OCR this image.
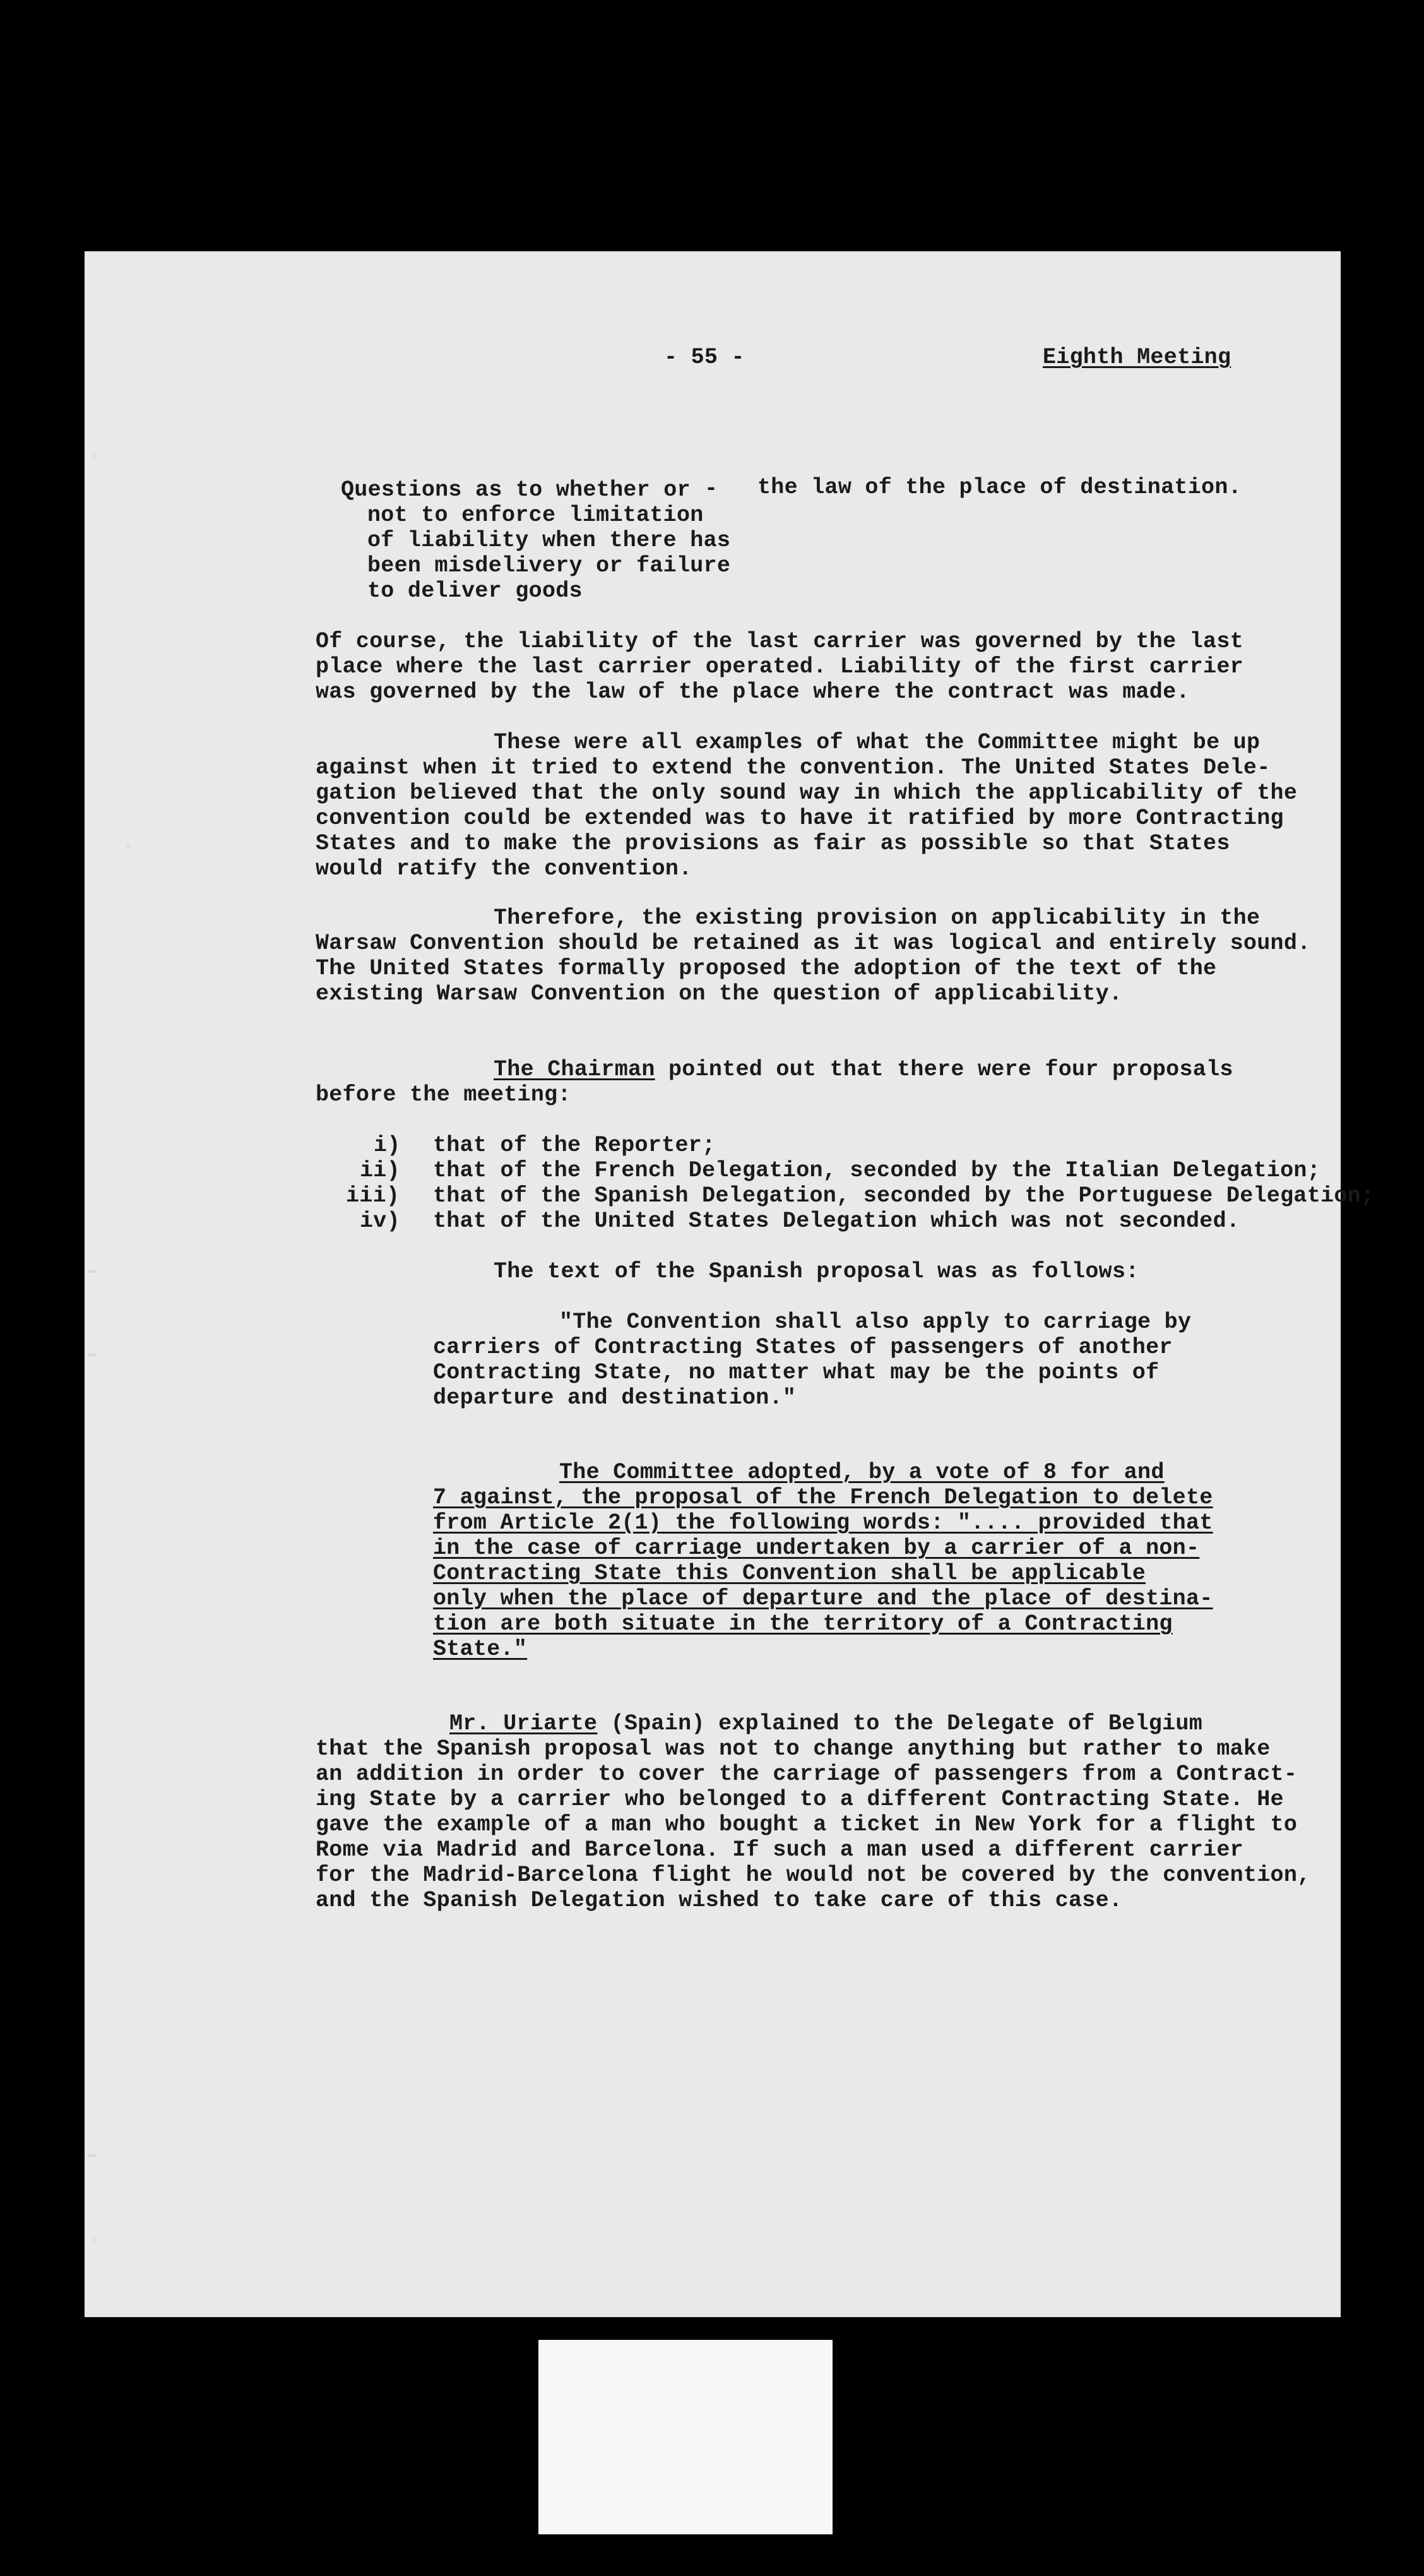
- 55 -	Eighth Meeting
Questions as to whether or
not to enforce limitation
of liability when there has
been misdelivery or failure
to deliver goods
- the law of the place of destination.
Of course, the liability of the last carrier was governed by the last
place where the last carrier operated. Liability of the first carrier
was governed by the law of the place where the contract was made.
These were all examples of what the Committee might be up
against when it tried to extend the convention. The United States Dele-
gation believed that the only sound way in which the applicability of the
convention could be extended was to have it ratified by more Contracting
States and to make the provisions as fair as possible so that States
would ratify the convention.
Therefore, the existing provision on applicability in the
Warsaw Convention should be retained as it was logical and entirely sound.
The United States formally proposed the adoption of the text of the
existing Warsaw Convention on the question of applicability.
The Chairman pointed out that there were four proposals
before the meeting:
i) that of the Reporter;
ii) that of the French Delegation, seconded by the Italian Delegation;
iii) that of the Spanish Delegation, seconded by the Portuguese Delegation;
iv) that of the United States Delegation which was not seconded.
The text of the Spanish proposal was as follows:
"The Convention shall also apply to carriage by
carriers of Contracting States of passengers of another
Contracting State, no matter what may be the points of
departure and destination."
The Committee adopted, by a vote of 8 for and
7 against, the proposal of the French Delegation to delete
from Article 2(1) the following words: ".... provided that
in the case of carriage undertaken by a carrier of a non-
Contracting State this Convention shall be applicable
only when the place of departure and the place of destina-
tion are both situate in the territory of a Contracting
State."
Mr. Uriarte (Spain) explained to the Delegate of Belgium
that the Spanish proposal was not to change anything but rather to make
an addition in order to cover the carriage of passengers from a Contract-
ing State by a carrier who belonged to a different Contracting State. He
gave the example of a man who bought a ticket in New York for a flight to
Rome via Madrid and Barcelona. If such a man used a different carrier
for the Madrid-Barcelona flight he would not be covered by the convention,
and the Spanish Delegation wished to take care of this case.
